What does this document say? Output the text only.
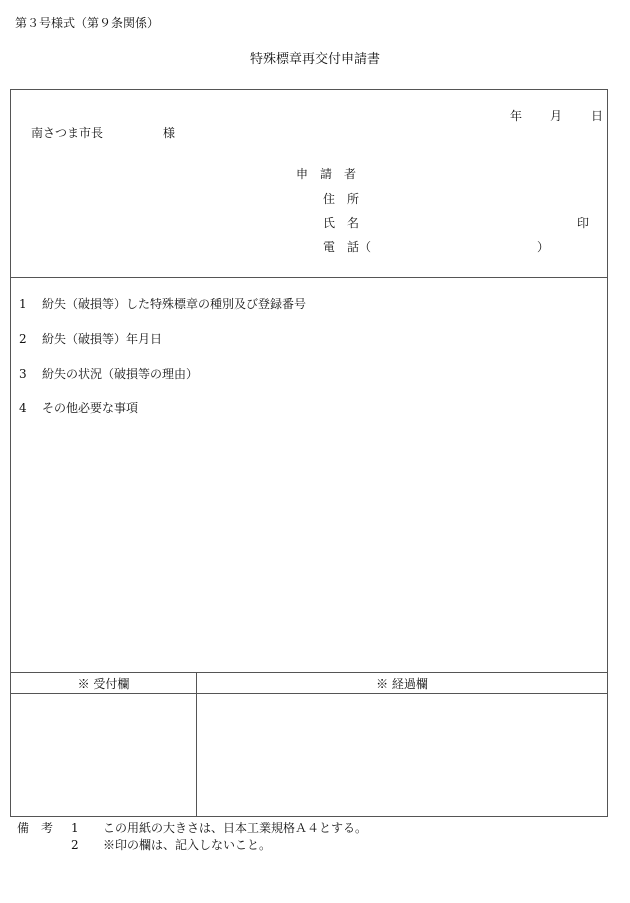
第３号様式（第９条関係）
特殊標章再交付申請書
年 月 日
南さつま市長	様
申　請　者
住　所
氏　名	印
電　話（	）
1 紛失（破損等）した特殊標章の種別及び登録番号
2 紛失（破損等）年月日
3 紛失の状況（破損等の理由）
4 その他必要な事項
※ 受付欄	※ 経過欄
備　考 1 この用紙の大きさは、日本工業規格Ａ４とする。
2 ※印の欄は、記入しないこと。
